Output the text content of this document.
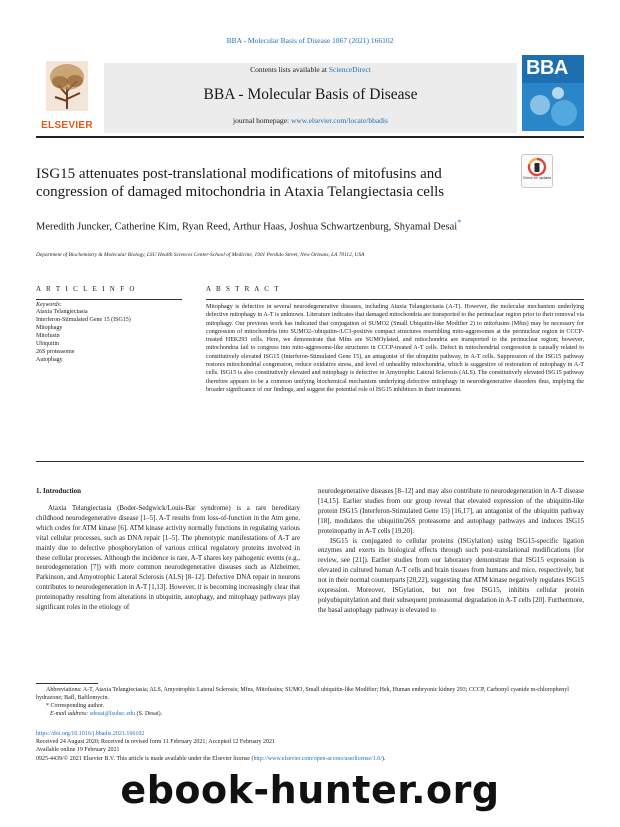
BBA - Molecular Basis of Disease 1867 (2021) 166102
ELSEVIER
Contents lists available at ScienceDirect
BBA - Molecular Basis of Disease
journal homepage: www.elsevier.com/locate/bbadis
BBA
Check for updates
ISG15 attenuates post-translational modifications of mitofusins and congression of damaged mitochondria in Ataxia Telangiectasia cells
Meredith Juncker, Catherine Kim, Ryan Reed, Arthur Haas, Joshua Schwartzenburg, Shyamal Desai*
Department of Biochemistry & Molecular Biology, LSU Health Sciences Center-School of Medicine, 1901 Perdido Street, New Orleans, LA 70112, USA
A R T I C L E I N F O
Keywords:
Ataxia Telangiectasia
Interferon-Stimulated Gene 15 (ISG15)
Mitophagy
Mitofusin
Ubiquitin
26S proteasome
Autophagy
A B S T R A C T
Mitophagy is defective in several neurodegenerative diseases, including Ataxia Telangiectasia (A-T). However, the molecular mechanism underlying defective mitophagy in A-T is unknown. Literature indicates that damaged mitochondria are transported to the perinuclear region prior to their removal via mitophagy. Our previous work has indicated that conjugation of SUMO2 (Small Ubiquitin-like Modifier 2) to mitofusins (Mfns) may be necessary for congression of mitochondria into SUMO2-/ubiquitin-/LC3-positive compact structures resembling mito-aggresomes at the perinuclear region in CCCP-treated HEK293 cells. Here, we demonstrate that Mfns are SUMOylated, and mitochondria are transported to the perinuclear region; however, mitochondria fail to congress into mito-aggresome-like structures in CCCP-treated A-T cells. Defect in mitochondrial congression is causally related to constitutively elevated ISG15 (Interferon-Stimulated Gene 15), an antagonist of the ubiquitin pathway, in A-T cells. Suppression of the ISG15 pathway restores mitochondrial congression, reduce oxidative stress, and level of unhealthy mitochondria, which is suggestive of restoration of mitophagy in A-T cells. ISG15 is also constitutively elevated and mitophagy is defective in Amytrophic Lateral Sclerosis (ALS). The constitutively elevated ISG15 pathway therefore appears to be a common unifying biochemical mechanism underlying defective mitophagy in neurodegenerative disorders thus, implying the broader significance of our findings, and suggest the potential role of ISG15 inhibitors in their treatment.
1. Introduction
Ataxia Telangiectasia (Boder-Sedgwick/Louis-Bar syndrome) is a rare hereditary childhood neurodegenerative disease [1–5]. A-T results from loss-of-function in the Atm gene, which codes for ATM kinase [6]. ATM kinase activity normally functions in regulating various vital cellular processes, such as DNA repair [1–5]. The phenotypic manifestations of A-T are mainly due to defective phosphorylation of various critical regulatory proteins involved in these cellular processes. Although the incidence is rare, A-T shares key pathogenic events (e.g., neurodegeneration [7]) with more common neurodegenerative diseases such as Alzheimer, Parkinson, and Amyotrophic Lateral Sclerosis (ALS) [8–12]. Defective DNA repair in neurons contributes to neurodegeneration in A-T [1,13]. However, it is becoming increasingly clear that proteinopathy resulting from alterations in ubiquitin, autophagy, and mitophagy pathways play significant roles in the etiology of
neurodegenerative diseases [8–12] and may also contribute to neurodegeneration in A-T disease [14,15]. Earlier studies from our group reveal that elevated expression of the ubiquitin-like protein ISG15 (Interferon-Stimulated Gene 15) [16,17], an antagonist of the ubiquitin pathway [18], modulates the ubiquitin/26S proteasome and autophagy pathways and induces ISG15 proteinopathy in A-T cells [19,20].
ISG15 is conjugated to cellular proteins (ISGylation) using ISG15-specific ligation enzymes and exerts its biological effects through such post-translational modifications (for review, see [21]). Earlier studies from our laboratory demonstrate that ISG15 expression is elevated in cultured human A-T cells and brain tissues from humans and mice, respectively, but not in their normal counterparts [20,22], suggesting that ATM kinase negatively regulates ISG15 expression. Moreover, ISGylation, but not free ISG15, inhibits cellular protein polyubiquitylation and their subsequent proteasomal degradation in A-T cells [20]. Furthermore, the basal autophagy pathway is elevated to
Abbreviations: A-T, Ataxia Telangiectasia; ALS, Amyotrophic Lateral Sclerosis; Mfns, Mitofusins; SUMO, Small ubiquitin-like Modifier; Hek, Human embryonic kidney 293; CCCP, Carbonyl cyanide m-chlorophenyl hydrazone; Bafl, Bafilomycin.
* Corresponding author.
E-mail address: sdesai@lsuhsc.edu (S. Desai).
https://doi.org/10.1016/j.bbadis.2021.166102
Received 24 August 2020; Received in revised form 11 February 2021; Accepted 12 February 2021
Available online 19 February 2021
0925-4439/© 2021 Elsevier B.V. This article is made available under the Elsevier license (http://www.elsevier.com/open-access/userlicense/1.0/).
ebook-hunter.org
